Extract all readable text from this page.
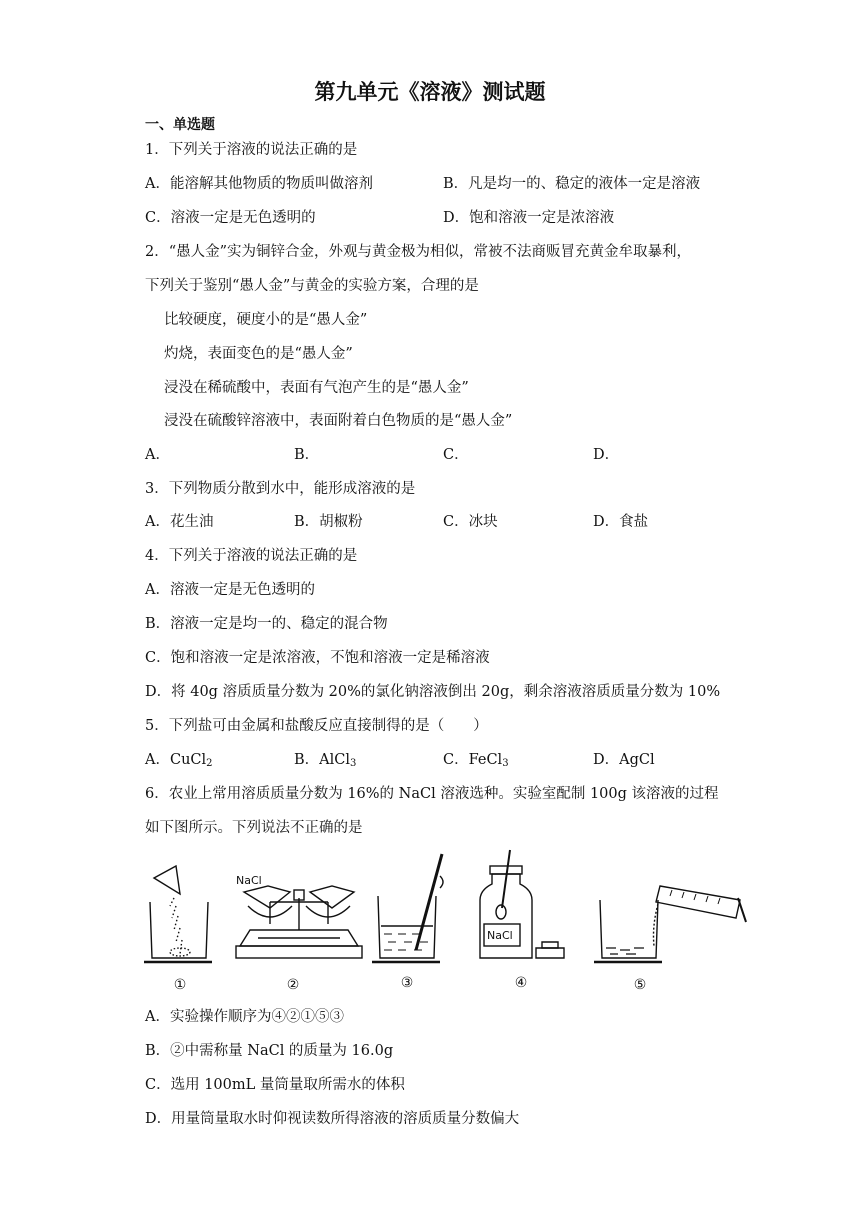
第九单元《溶液》测试题
一、单选题
1．下列关于溶液的说法正确的是
A．能溶解其他物质的物质叫做溶剂	B．凡是均一的、稳定的液体一定是溶液
C．溶液一定是无色透明的	D．饱和溶液一定是浓溶液
2．“愚人金”实为铜锌合金，外观与黄金极为相似，常被不法商贩冒充黄金牟取暴利，
下列关于鉴别“愚人金”与黄金的实验方案，合理的是
比较硬度，硬度小的是“愚人金”
灼烧，表面变色的是“愚人金”
浸没在稀硫酸中，表面有气泡产生的是“愚人金”
浸没在硫酸锌溶液中，表面附着白色物质的是“愚人金”
A．	B．	C．	D．
3．下列物质分散到水中，能形成溶液的是
A．花生油	B．胡椒粉	C．冰块	D．食盐
4．下列关于溶液的说法正确的是
A．溶液一定是无色透明的
B．溶液一定是均一的、稳定的混合物
C．饱和溶液一定是浓溶液，不饱和溶液一定是稀溶液
D．将 40g 溶质质量分数为 20%的氯化钠溶液倒出 20g，剩余溶液溶质质量分数为 10%
5．下列盐可由金属和盐酸反应直接制得的是（　　）
A．CuCl$_2$	B．AlCl$_3$	C．FeCl$_3$	D．AgCl
6．农业上常用溶质质量分数为 16%的 NaCl 溶液选种。实验室配制 100g 该溶液的过程
如下图所示。下列说法不正确的是
NaCl
NaCl
①	②	③	④	⑤
A．实验操作顺序为④②①⑤③
B．②中需称量 NaCl 的质量为 16.0g
C．选用 100mL 量筒量取所需水的体积
D．用量筒量取水时仰视读数所得溶液的溶质质量分数偏大
